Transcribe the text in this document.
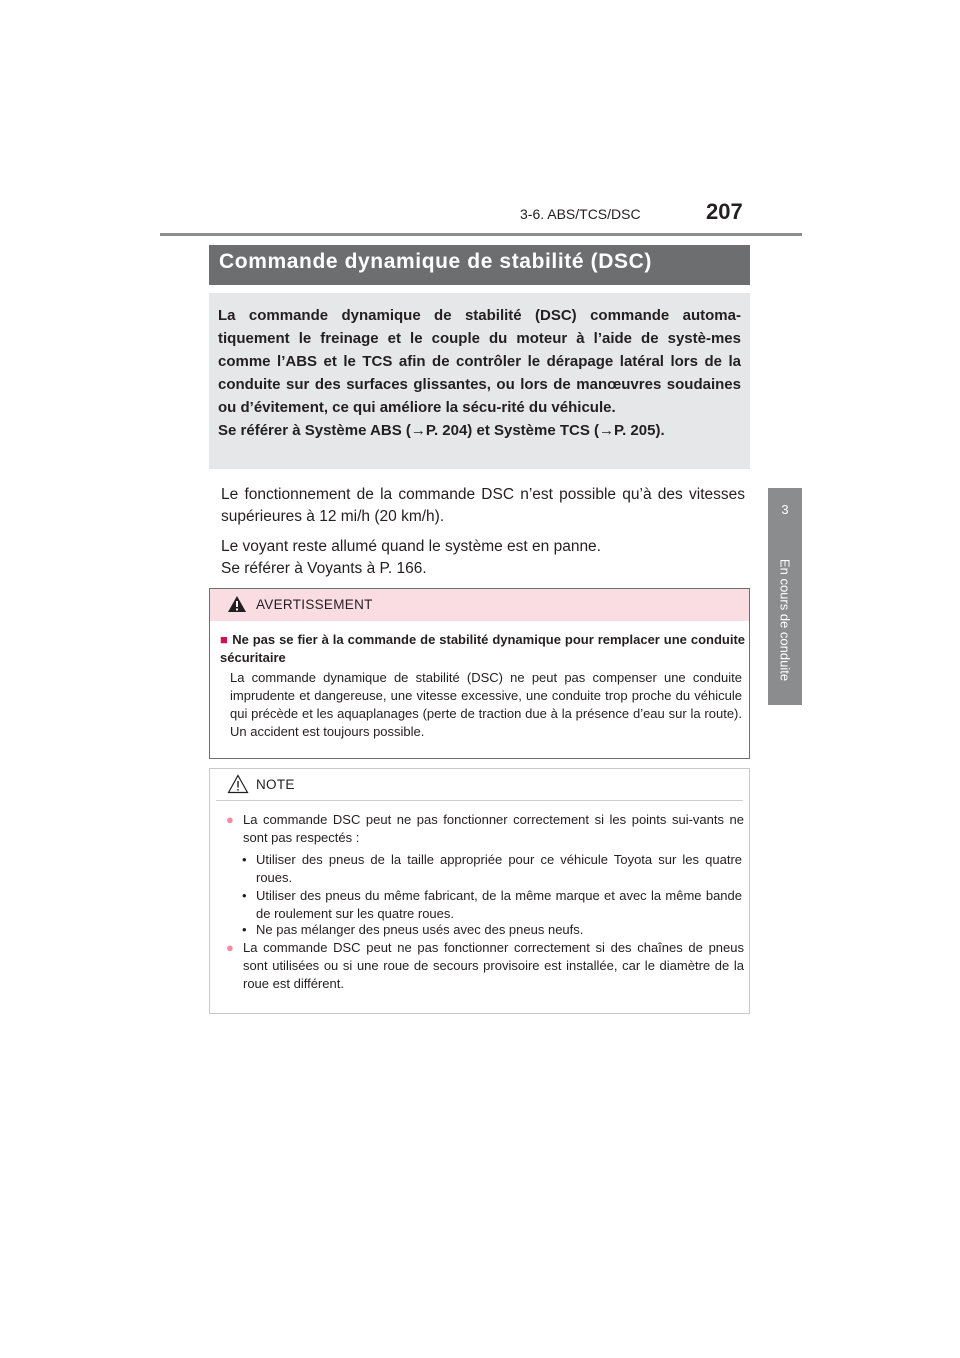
3-6. ABS/TCS/DSC	207
3
En cours de conduite
Commande dynamique de stabilité (DSC)

La commande dynamique de stabilité (DSC) commande automa-tiquement le freinage et le couple du moteur à l’aide de systè-mes comme l’ABS et le TCS afin de contrôler le dérapage latéral lors de la conduite sur des surfaces glissantes, ou lors de manœuvres soudaines ou d’évitement, ce qui améliore la sécu-rité du véhicule.

Se référer à Système ABS (→P. 204) et Système TCS (→P. 205).

Le fonctionnement de la commande DSC n’est possible qu’à des vitesses supérieures à 12 mi/h (20 km/h).

Le voyant reste allumé quand le système est en panne.
Se référer à Voyants à P. 166.
AVERTISSEMENT

■ Ne pas se fier à la commande de stabilité dynamique pour remplacer une conduite sécuritaire

La commande dynamique de stabilité (DSC) ne peut pas compenser une conduite imprudente et dangereuse, une vitesse excessive, une conduite trop proche du véhicule qui précède et les aquaplanages (perte de traction due à la présence d’eau sur la route). Un accident est toujours possible.

NOTE

● La commande DSC peut ne pas fonctionner correctement si les points sui-vants ne sont pas respectés :

• Utiliser des pneus de la taille appropriée pour ce véhicule Toyota sur les quatre roues.

• Utiliser des pneus du même fabricant, de la même marque et avec la même bande de roulement sur les quatre roues.

• Ne pas mélanger des pneus usés avec des pneus neufs.

● La commande DSC peut ne pas fonctionner correctement si des chaînes de pneus sont utilisées ou si une roue de secours provisoire est installée, car le diamètre de la roue est différent.
